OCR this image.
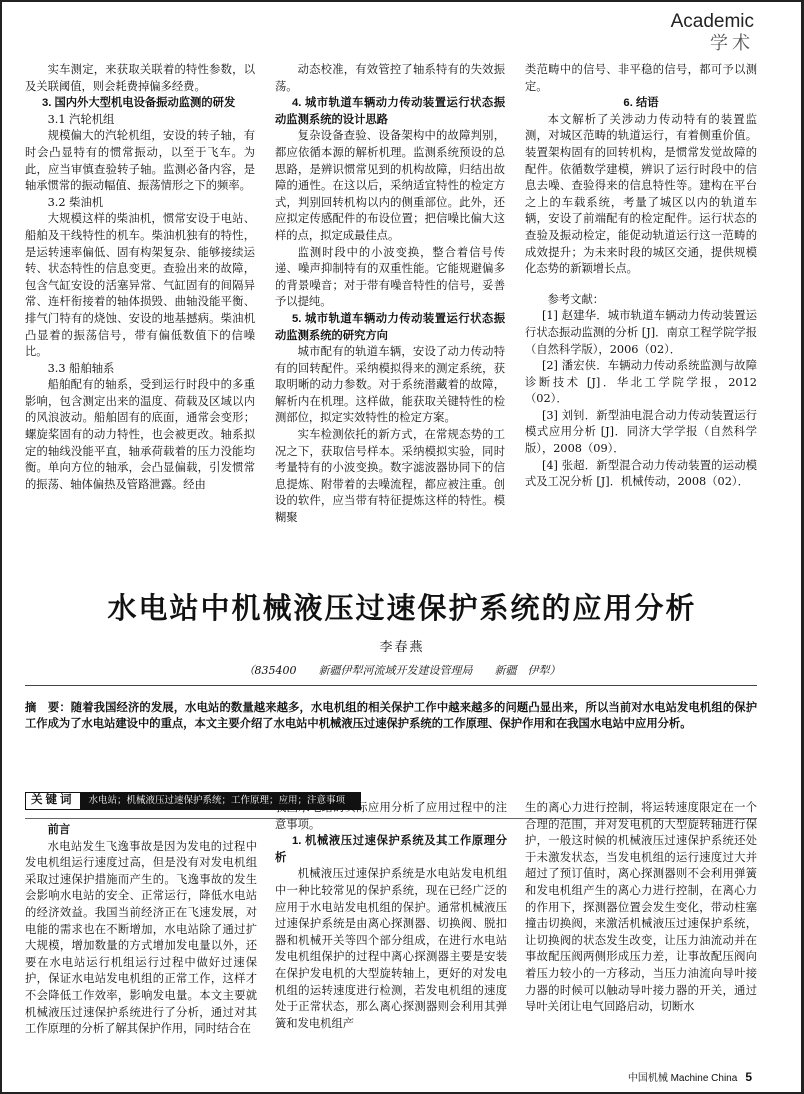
Academic
学术

实车测定，来获取关联着的特性参数，以及关联阈值，则会耗费掉偏多经费。

3. 国内外大型机电设备振动监测的研发

3.1 汽轮机组

规模偏大的汽轮机组，安设的转子轴，有时会凸显特有的惯常振动，以至于飞车。为此，应当审慎查验转子轴。监测必备内容，是轴承惯常的振动幅值、振荡情形之下的频率。

3.2 柴油机

大规模这样的柴油机，惯常安设于电站、船舶及干线特性的机车。柴油机独有的特性，是运转速率偏低、固有构架复杂、能够接续运转、状态特性的信息变更。查验出来的故障，包含气缸安设的活塞异常、气缸固有的间隔异常、连杆衔接着的轴体损毁、曲轴没能平衡、排气门特有的烧蚀、安设的地基撼病。柴油机凸显着的振荡信号，带有偏低数值下的信噪比。

3.3 船舶轴系

船舶配有的轴系，受到运行时段中的多重影响，包含测定出来的温度、荷载及区域以内的风浪波动。船舶固有的底面，通常会变形；螺旋桨固有的动力特性，也会被更改。轴系拟定的轴线没能平直，轴承荷载着的压力没能均衡。单向方位的轴承，会凸显偏载，引发惯常的振荡、轴体偏热及管路泄露。经由

动态校准，有效管控了轴系特有的失效振荡。

4. 城市轨道车辆动力传动装置运行状态振动监测系统的设计思路

复杂设备查验、设备架构中的故障判别，都应依循本源的解析机理。监测系统预设的总思路，是辨识惯常见到的机构故障，归结出故障的通性。在这以后，采纳适宜特性的检定方式，判别回转机构以内的侧重部位。此外，还应拟定传感配件的布设位置；把信噪比偏大这样的点，拟定成最佳点。

监测时段中的小波变换，整合着信号传递、噪声抑制特有的双重性能。它能规避偏多的背景噪音；对于带有噪音特性的信号，妥善予以提纯。

5. 城市轨道车辆动力传动装置运行状态振动监测系统的研究方向

城市配有的轨道车辆，安设了动力传动特有的回转配件。采纳模拟得来的测定系统，获取明晰的动力参数。对于系统潜藏着的故障，解析内在机理。这样做，能获取关键特性的检测部位，拟定实效特性的检定方案。

实车检测依托的新方式，在常规态势的工况之下，获取信号样本。采纳模拟实验，同时考量特有的小波变换。数字滤波器协同下的信息提炼、附带着的去噪流程，都应被注重。创设的软件，应当带有特征提炼这样的特性。模糊聚

类范畴中的信号、非平稳的信号，都可予以测定。

6. 结语

本文解析了关涉动力传动特有的装置监测，对城区范畴的轨道运行，有着侧重价值。装置架构固有的回转机构，是惯常发觉故障的配件。依循数学建模，辨识了运行时段中的信息去噪、查验得来的信息特性等。建构在平台之上的车载系统，考量了城区以内的轨道车辆，安设了前端配有的检定配件。运行状态的查验及振动检定，能促动轨道运行这一范畴的成效提升；为未来时段的城区交通，提供规模化态势的新颖增长点。

参考文献：

[1] 赵建华．城市轨道车辆动力传动装置运行状态振动监测的分析 [J]．南京工程学院学报（自然科学版），2006（02）．

[2] 潘宏侠．车辆动力传动系统监测与故障诊断技术 [J]．华北工学院学报，2012（02）．

[3] 刘钊．新型油电混合动力传动装置运行模式应用分析 [J]．同济大学学报（自然科学版），2008（09）．

[4] 张超．新型混合动力传动装置的运动模式及工况分析 [J]．机械传动，2008（02）．

水电站中机械液压过速保护系统的应用分析
李春燕
（835400　　新疆伊犁河流域开发建设管理局　　新疆　伊犁）
摘　要：随着我国经济的发展，水电站的数量越来越多，水电机组的相关保护工作中越来越多的问题凸显出来，所以当前对水电站发电机组的保护工作成为了水电站建设中的重点，本文主要介绍了水电站中机械液压过速保护系统的工作原理、保护作用和在我国水电站中应用分析。
关键词	水电站；机械液压过速保护系统；工作原理；应用；注意事项

前言

水电站发生飞逸事故是因为发电的过程中发电机组运行速度过高，但是没有对发电机组采取过速保护措施而产生的。飞逸事故的发生会影响水电站的安全、正常运行，降低水电站的经济效益。我国当前经济正在飞速发展，对电能的需求也在不断增加，水电站除了通过扩大规模，增加数量的方式增加发电量以外，还要在水电站运行机组运行过程中做好过速保护，保证水电站发电机组的正常工作，这样才不会降低工作效率，影响发电量。本文主要就机械液压过速保护系统进行了分析，通过对其工作原理的分析了解其保护作用，同时结合在

我国水电站的实际应用分析了应用过程中的注意事项。

1. 机械液压过速保护系统及其工作原理分析

机械液压过速保护系统是水电站发电机组中一种比较常见的保护系统，现在已经广泛的应用于水电站发电机组的保护。通常机械液压过速保护系统是由离心探测器、切换阀、脱扣器和机械开关等四个部分组成，在进行水电站发电机组保护的过程中离心探测器主要是安装在保护发电机的大型旋转轴上，更好的对发电机组的运转速度进行检测，若发电机组的速度处于正常状态，那么离心探测器则会利用其弹簧和发电机组产

生的离心力进行控制，将运转速度限定在一个合理的范围，并对发电机的大型旋转轴进行保护，一般这时候的机械液压过速保护系统还处于未激发状态，当发电机组的运行速度过大并超过了预订值时，离心探测器则不会利用弹簧和发电机组产生的离心力进行控制，在离心力的作用下，探测器位置会发生变化，带动柱塞撞击切换阀，来激活机械液压过速保护系统，让切换阀的状态发生改变，让压力油流动并在事故配压阀两侧形成压力差，让事故配压阀向着压力较小的一方移动，当压力油流向导叶接力器的时候可以触动导叶接力器的开关，通过导叶关闭让电气回路启动，切断水

中国机械 Machine China 5
